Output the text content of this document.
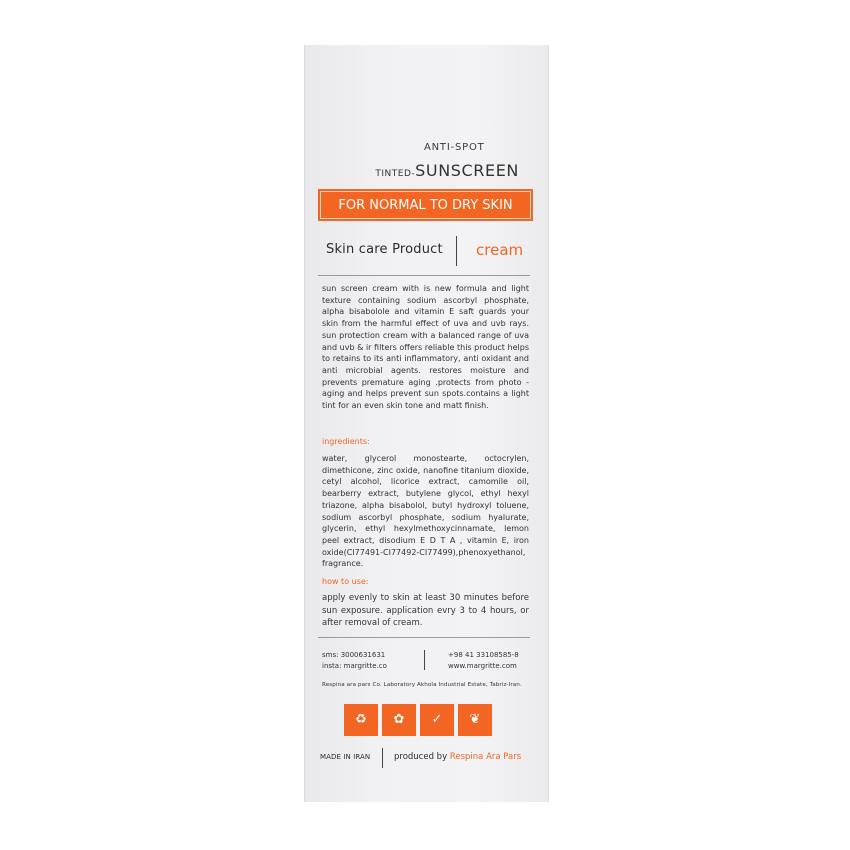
ANTI-SPOT
TINTED-SUNSCREEN
FOR NORMAL TO DRY SKIN
Skin care Product cream
sun screen cream with is new formula and light texture containing sodium ascorbyl phosphate, alpha bisabolole and vitamin E saft guards your skin from the harmful effect of uva and uvb rays. sun protection cream with a balanced range of uva and uvb & ir filters offers reliable this product helps to retains to its anti inflammatory, anti oxidant and anti microbial agents. restores moisture and prevents premature aging .protects from photo - aging and helps prevent sun spots.contains a light tint for an even skin tone and matt finish.
ingredients:
water, glycerol monostearte, octocrylen, dimethicone, zinc oxide, nanofine titanium dioxide, cetyl alcohol, licorice extract, camomile oil, bearberry extract, butylene glycol, ethyl hexyl triazone, alpha bisabolol, butyl hydroxyl toluene, sodium ascorbyl phosphate, sodium hyalurate, glycerin, ethyl hexylmethoxycinnamate, lemon peel extract, disodium E D T A , vitamin E, iron oxide(CI77491-CI77492-CI77499),phenoxyethanol, fragrance.
how to use:
apply evenly to skin at least 30 minutes before sun exposure. application evry 3 to 4 hours, or after removal of cream.
sms: 3000631631
insta: margritte.co
+98 41 33108585-8
www.margritte.com
Respina ara pars Co. Laboratory Akhola Industrial Estate, Tabriz-Iran.
♻ ✿ ✓ ❦
MADE IN IRAN	produced by Respina Ara Pars
